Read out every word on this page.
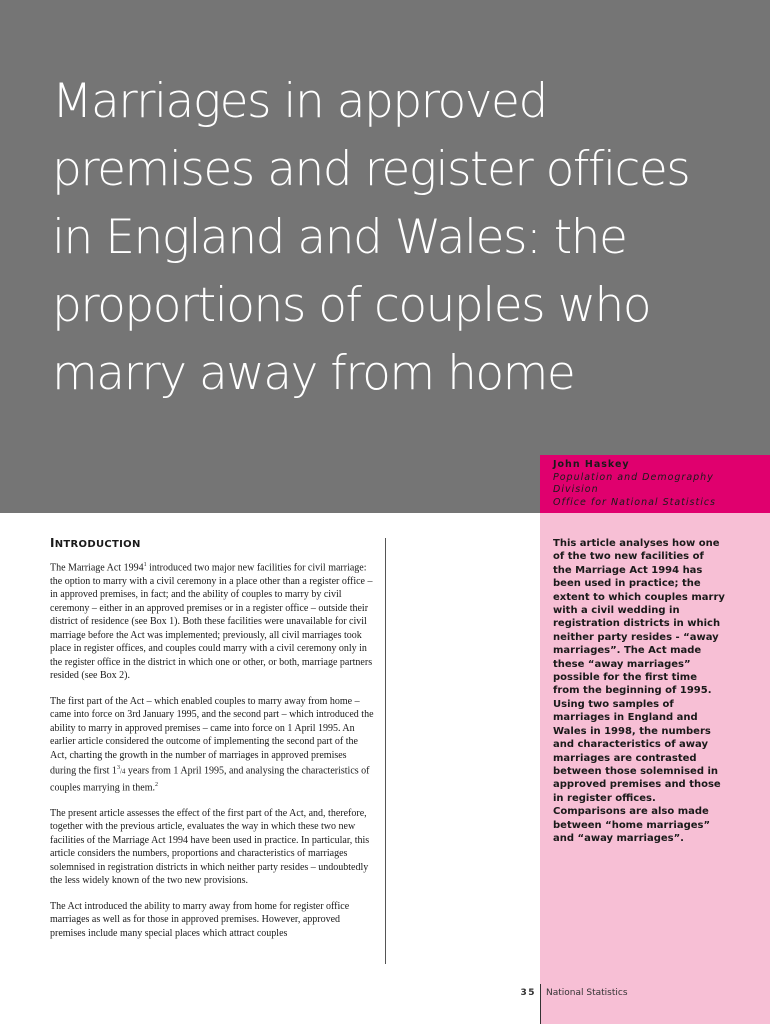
Marriages in approved
premises and register offices
in England and Wales: the
proportions of couples who
marry away from home
John Haskey
Population and Demography
Division
Office for National Statistics

This article analyses how one of the two new facilities of the Marriage Act 1994 has been used in practice; the extent to which couples marry with a civil wedding in registration districts in which neither party resides - “away marriages”. The Act made these “away marriages” possible for the first time from the beginning of 1995. Using two samples of marriages in England and Wales in 1998, the numbers and characteristics of away marriages are contrasted between those solemnised in approved premises and those in register offices. Comparisons are also made between “home marriages” and “away marriages”.

INTRODUCTION

The Marriage Act 1994$^1$ introduced two major new facilities for civil marriage: the option to marry with a civil ceremony in a place other than a register office – in approved premises, in fact; and the ability of couples to marry by civil ceremony – either in an approved premises or in a register office – outside their district of residence (see Box 1). Both these facilities were unavailable for civil marriage before the Act was implemented; previously, all civil marriages took place in register offices, and couples could marry with a civil ceremony only in the register office in the district in which one or other, or both, marriage partners resided (see Box 2).

The first part of the Act – which enabled couples to marry away from home – came into force on 3rd January 1995, and the second part – which introduced the ability to marry in approved premises – came into force on 1 April 1995. An earlier article considered the outcome of implementing the second part of the Act, charting the growth in the number of marriages in approved premises during the first $1^3/4$ years from 1 April 1995, and analysing the characteristics of couples marrying in them.$^2$

The present article assesses the effect of the first part of the Act, and, therefore, together with the previous article, evaluates the way in which these two new facilities of the Marriage Act 1994 have been used in practice. In particular, this article considers the numbers, proportions and characteristics of marriages solemnised in registration districts in which neither party resides – undoubtedly the less widely known of the two new provisions.

The Act introduced the ability to marry away from home for register office marriages as well as for those in approved premises. However, approved premises include many special places which attract couples

35 National Statistics
